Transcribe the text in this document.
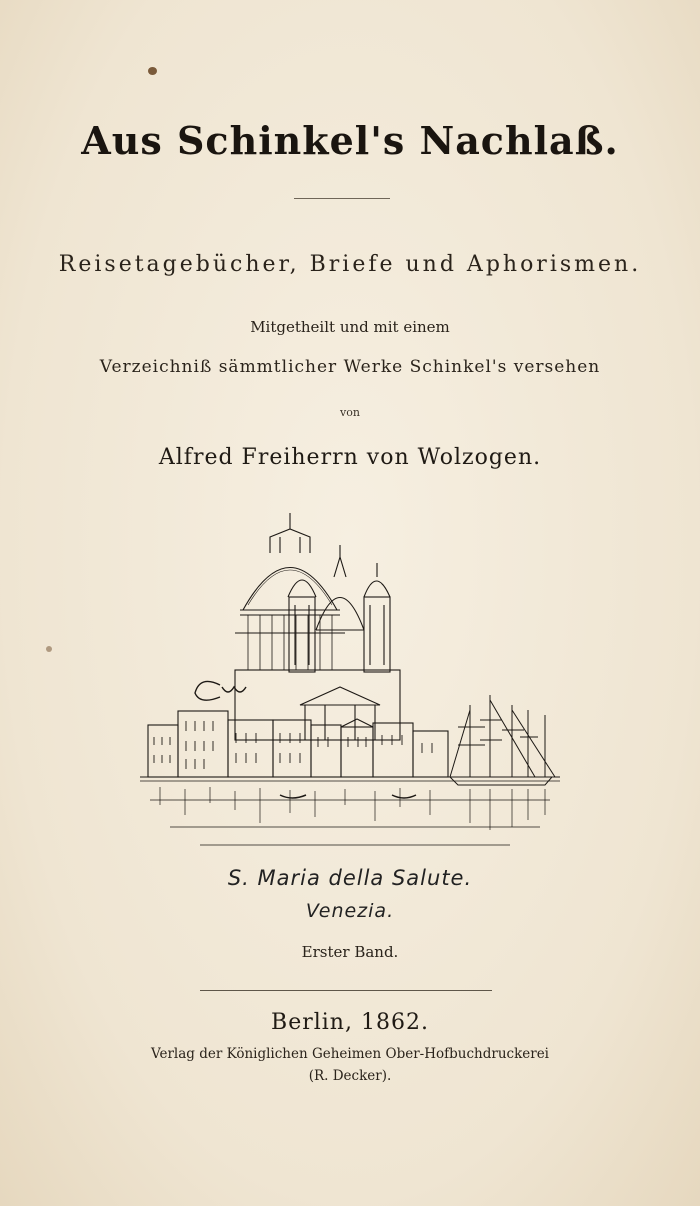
Aus Schinkel's Nachlaß.
Reisetagebücher, Briefe und Aphorismen.
Mitgetheilt und mit einem
Verzeichniß sämmtlicher Werke Schinkel's versehen
von
Alfred Freiherrn von Wolzogen.
S. Maria della Salute.
Venezia.
Erster Band.
Berlin, 1862.
Verlag der Königlichen Geheimen Ober-Hofbuchdruckerei
(R. Decker).
